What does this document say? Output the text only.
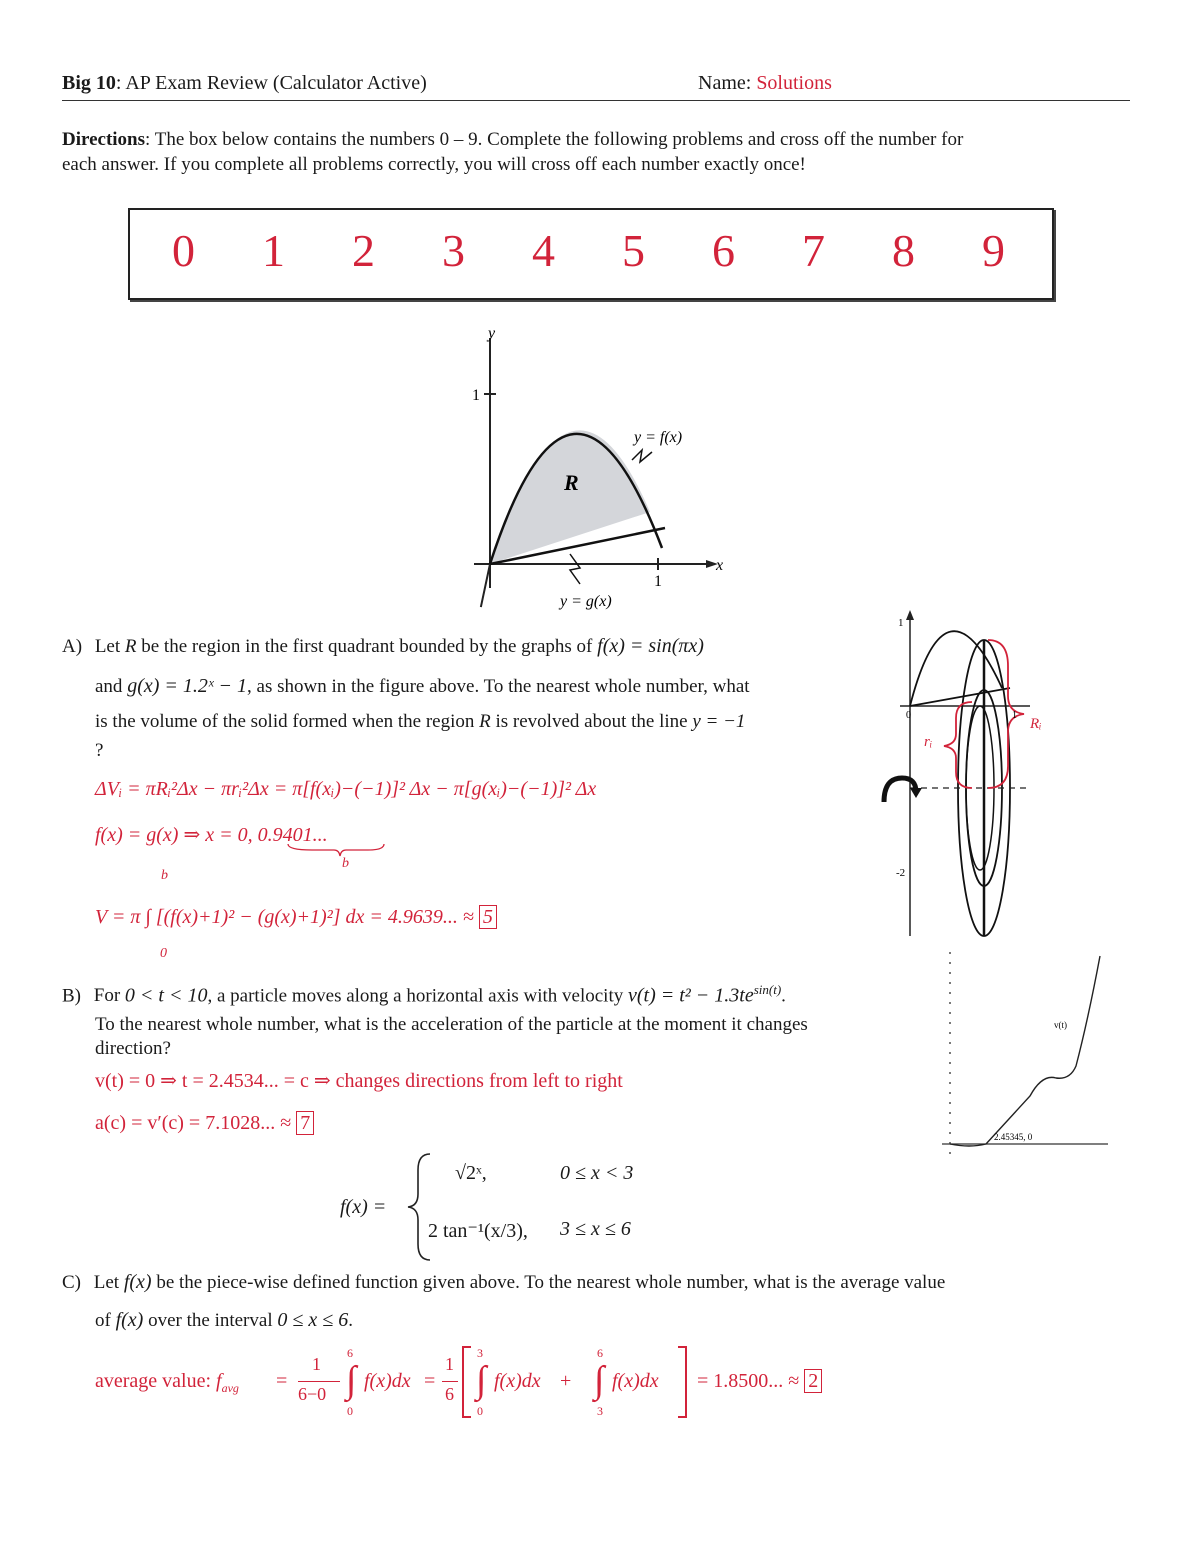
Big 10: AP Exam Review (Calculator Active)	Name: Solutions
Directions: The box below contains the numbers 0 – 9. Complete the following problems and cross off the number for
each answer. If you complete all problems correctly, you will cross off each number exactly once!
0 1 2 3 4 5 6 7 8 9
y
x
1
1
y = f(x)
y = g(x)
R
A) Let R be the region in the first quadrant bounded by the graphs of f(x) = sin(πx)
and g(x) = 1.2ˣ − 1, as shown in the figure above. To the nearest whole number, what
is the volume of the solid formed when the region R is revolved about the line y = −1
?
ΔVᵢ = πRᵢ²Δx − πrᵢ²Δx = π[f(xᵢ)−(−1)]² Δx − π[g(xᵢ)−(−1)]² Δx
f(x) = g(x) ⇒ x = 0, 0.9401...
b
b
0
V = π ∫ [(f(x)+1)² − (g(x)+1)²] dx = 4.9639... ≈ 5
1
-2
0	1
Rᵢ
rᵢ
B) For 0 < t < 10, a particle moves along a horizontal axis with velocity $v(t) = t^2 - 1.3te^{sin(t)}$.
To the nearest whole number, what is the acceleration of the particle at the moment it changes
direction?
v(t) = 0 ⇒ t = 2.4534... = c ⇒ changes directions from left to right
a(c) = v′(c) = 7.1028... ≈ 7
v(t)
2.45345, 0
f(x) =
√2ˣ,	0 ≤ x < 3
2 tan⁻¹(x/3), 3 ≤ x ≤ 6
C) Let f(x) be the piece-wise defined function given above. To the nearest whole number, what is the average value
of f(x) over the interval 0 ≤ x ≤ 6.
average value: $f_{avg}$ =
1
6−0
6
∫
0
f(x)dx =
1
6
3
∫
0
f(x)dx +
6
∫
3
f(x)dx = 1.8500... ≈ 2
